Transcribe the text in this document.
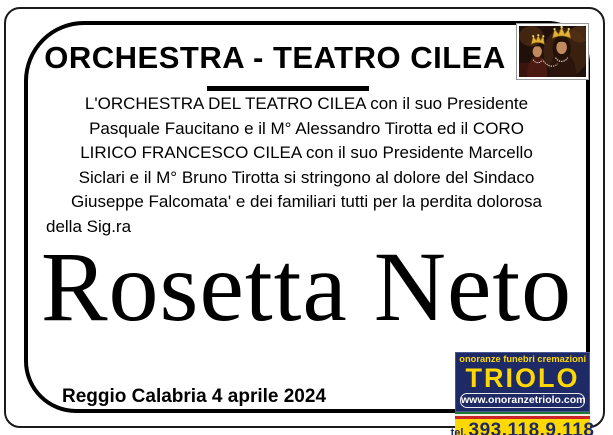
ORCHESTRA - TEATRO CILEA
L'ORCHESTRA DEL TEATRO CILEA con il suo Presidente
Pasquale Faucitano e il M° Alessandro Tirotta ed il CORO
LIRICO FRANCESCO CILEA con il suo Presidente Marcello
Siclari e il M° Bruno Tirotta si stringono al dolore del Sindaco
Giuseppe Falcomata' e dei familiari tutti per la perdita dolorosa
della Sig.ra
Rosetta Neto
Reggio Calabria 4 aprile 2024
onoranze funebri cremazioni
TRIOLO
www.onoranzetriolo.com
tel. 393.118.9.118
